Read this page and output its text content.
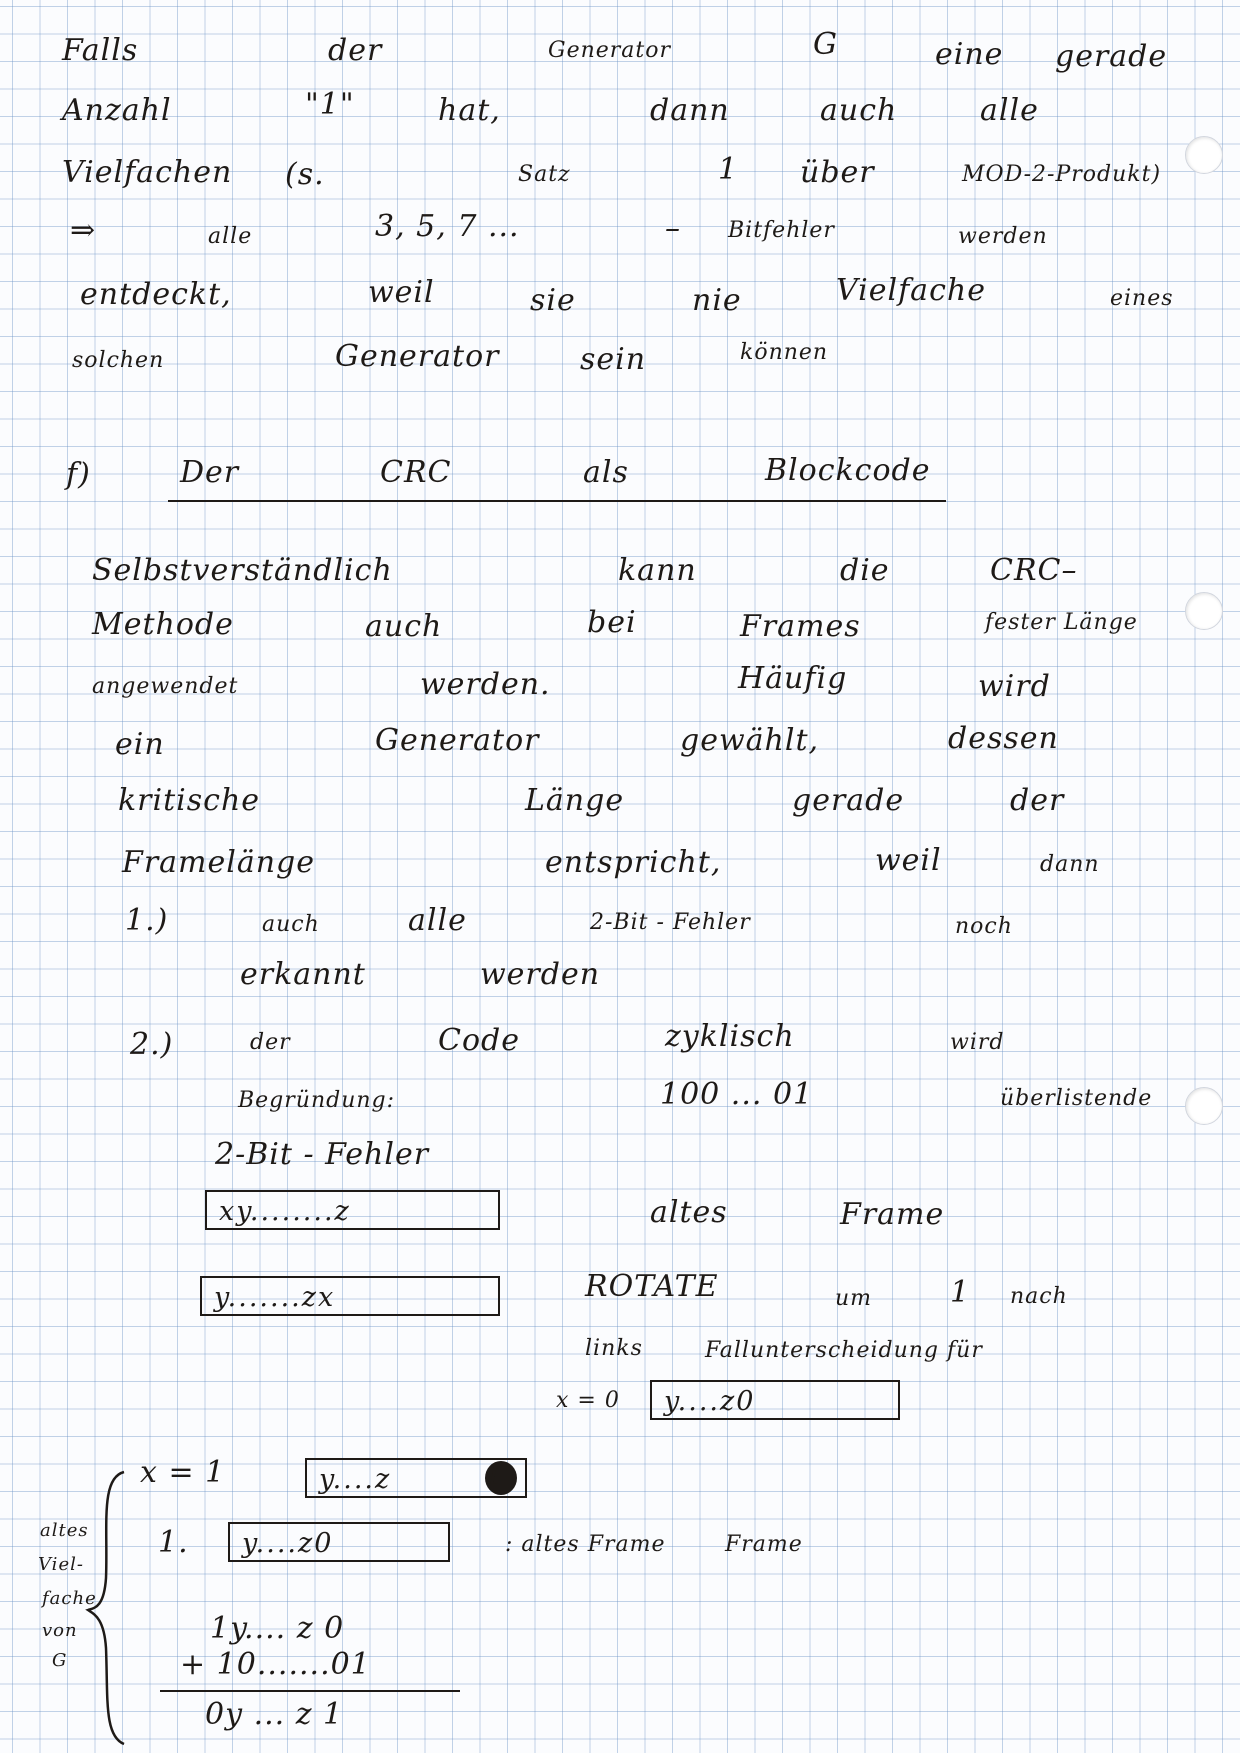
Falls	der	Generator	G	eine gerade
Anzahl	"1"	hat,	dann	auch	alle
Vielfachen (s.	Satz	1 über	MOD-2-Produkt)
⇒	alle	3, 5, 7 ...	– Bitfehler	werden
entdeckt,	weil	sie	nie	Vielfache	eines
solchen	Generator	sein	können
f)	Der	CRC	als	Blockcode
Selbstverständlich	kann	die	CRC–
Methode	auch	bei	Frames	fester Länge
angewendet	werden.	Häufig	wird
ein	Generator	gewählt,	dessen
kritische	Länge	gerade	der
Framelänge	entspricht,	weil	dann
1.)	auch	alle	2-Bit - Fehler	noch
erkannt	werden
2.)	der	Code	zyklisch	wird
Begründung:	100 ... 01	überlistende
2-Bit - Fehler
xy........z	altes	Frame
y.......zx	ROTATE	um	1 nach
links	Fallunterscheidung für
x = 0 y....z0
x = 1	y....z	1
1. y....z0	: altes Frame	Frame
altes
Viel-
fache
von
G
1y.... z 0
+ 10.......01
0y ... z 1
